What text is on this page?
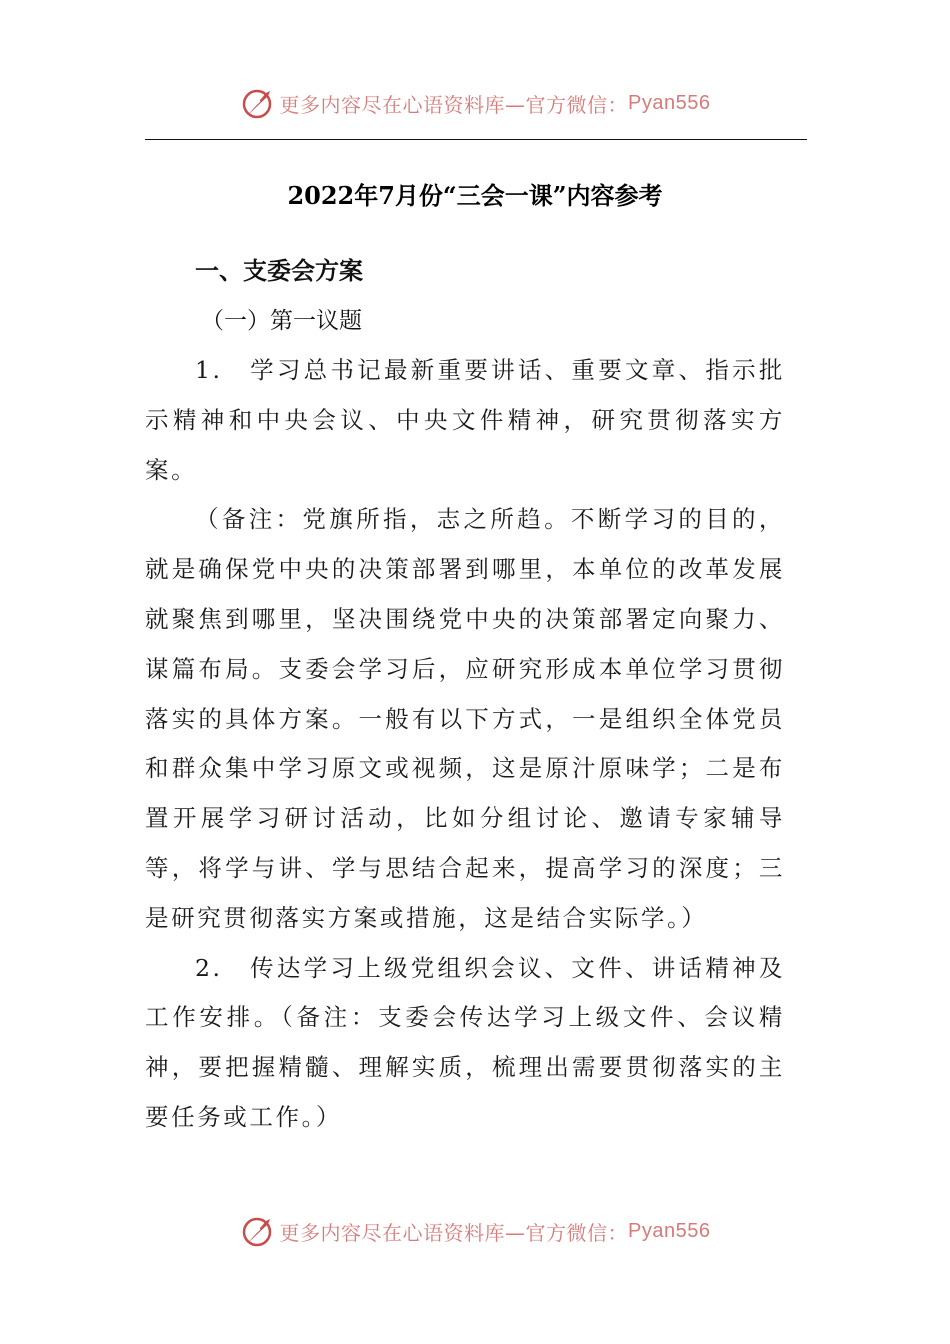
更多内容尽在心语资料库—官方微信： Pyan556
2022年7月份“三会一课”内容参考
一、支委会方案
（一）第一议题

1.　学习总书记最新重要讲话、重要文章、指示批示精神和中央会议、中央文件精神，研究贯彻落实方案。

（备注：党旗所指，志之所趋。不断学习的目的，就是确保党中央的决策部署到哪里，本单位的改革发展就聚焦到哪里，坚决围绕党中央的决策部署定向聚力、谋篇布局。支委会学习后，应研究形成本单位学习贯彻落实的具体方案。一般有以下方式，一是组织全体党员和群众集中学习原文或视频，这是原汁原味学；二是布置开展学习研讨活动，比如分组讨论、邀请专家辅导等，将学与讲、学与思结合起来，提高学习的深度；三是研究贯彻落实方案或措施，这是结合实际学。）

2.　传达学习上级党组织会议、文件、讲话精神及工作安排。（备注：支委会传达学习上级文件、会议精神，要把握精髓、理解实质，梳理出需要贯彻落实的主要任务或工作。）

更多内容尽在心语资料库—官方微信： Pyan556
